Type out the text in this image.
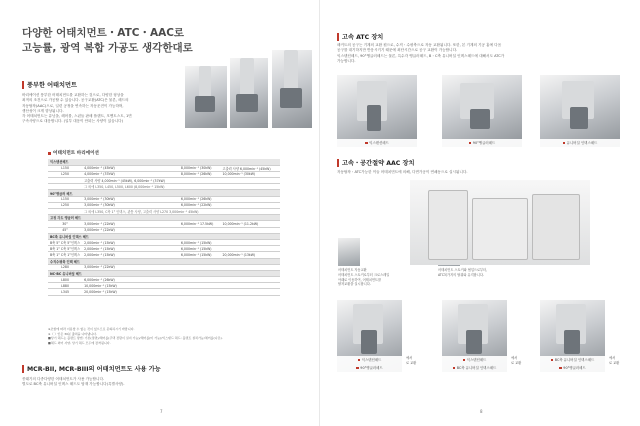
다양한 어태치먼트・ATC・AAC로
고능률, 광역 복합 가공도 생각한대로
풍부한 어태치먼트
바리에이션 풍부한 어태치먼트를 교환하는 것으로, 다양한 형상을
최적의 조건으로 가공할 수 있습니다. 공구교환(ATC)은 물론, 헤드의
자동탈착(AAC)으로, 일련 공정을 연속하는 자동운전이 가능하며,
생산성이 크게 향상됩니다.
각 어태치먼트는 유닛을, 헤어를, 스핀들 판매 플랜트, 모멘트스트, 1면
구속사양으로 대응합니다. (일부 대응이 안되는 사양이 있습니다)
어태치먼트 바리에이션
익스텐션헤드			
L150	4,000min⁻¹ (45kW)	8,000min⁻¹ (30kW)	고출력 사양 6,000min⁻¹ (45kW)
L250	4,000min⁻¹ (37kW)	8,000min⁻¹ (26kW)	10,000min⁻¹ (30kW)
	고출력 사양 4,000min⁻¹ (45kW), 6,000min⁻¹ (37kW)		
	그 외에 L350, L450, L500, L600 (8,000min⁻¹ 15kW)		
90°앵글러 헤드			
L150	3,000min⁻¹ (30kW)	6,000min⁻¹ (26kW)	
L250	3,000min⁻¹ (30kW)	6,000min⁻¹ (22kW)	
	그 외에 L350, C축 1° 인덱스, 관통 사양, 고출력 사양 L270 3,000min⁻¹ 45kW)		
고정 각도 앵글러 헤드			
30°	3,000min⁻¹ (22kW)	6,000min⁻¹ 17.5kW)	10,000min⁻¹ (11.2kW)
45°	3,000min⁻¹ (22kW)		
BC축 유니버설 인덱스 헤드			
B축 5° C축 5°인덱스	2,000min⁻¹ (15kW)	6,000min⁻¹ (15kW)	
B축 1° C축 5°인덱스	2,000min⁻¹ (15kW)	6,000min⁻¹ (15kW)	
B축 1° C축 1°인덱스	2,000min⁻¹ (15kW)	6,000min⁻¹ (15kW)	20,000min⁻¹ (13kW)
수직수평축 인텍 헤드			
L280	3,000min⁻¹ (22kW)		
NC-BC 유니버설 헤드			
L800	6,000min⁻¹ (26kW)		
L880	10,000min⁻¹ (15kW)		
L345	20,000min⁻¹ (15kW)		
※조합에 따라 이용할 수 없는 것이 있으므로 문의하시기 바랍니다.
※（ ）안은 30분 출력을 나타냅니다.
■상기 헤드는 플랜트 방법: 기본(정면)/체어를(주택 전환이 실지 가능)/체어를(미 가능)/익스텐드 헤드: 플랜트 설치가능/체어를(나온).
■헤드 외어 사양, 상기 헤드 모두에 장착됩니다.
MCR-BII, MCR-BIII의 어태치먼트도 사용 가능
종래기의 다종다양한 어태치먼트가 사용 가능합니다.
별도로 BC축 유니버설 인덱스 헤드도 탑재 가능합니다(특별사양).
7
고속 ATC 장치
헤커트의 공구는 기계의 교환 원으로, 수직・수평축으로 자동 교환됩니다. 또한, 본 기계의 기공 홈에 다음
공구를 대기하지만 반응시키기 때문에 최단시간으로 공구 교환이 가능합니다.
익스텐션헤드, 90°앵글러헤드는 물론, 특수각 앵글러헤드, B・C축 유니버설 인덱스헤드에 대해서도 ATC가
가능합니다.
익스텐션헤드	90°앵글러헤드	유니버설 인덱스헤드
고속・공간절약 AAC 장치
자동탈착・ATC가능한 이들 어태치먼트에 의해, 다면가공이 연쇄동으로 실시됩니다.
어태치먼트 자동교환
어태치먼트 스토커로부터 크로스레일
아래로 이동하여, 어태치먼트를
탈착교환을 실시합니다.
어태치먼트 스토커와 협업으로부터,
ATC복가지의 탈위와 유지합니다.
익스텐션헤드
90°앵글러헤드
에서
로 교환
익스텐션헤드
BC축 유니버설 인덱스헤드
에서
로 교환
BC축 유니버설 인덱스헤드
90°앵글러헤드
에서
로 교환
8
